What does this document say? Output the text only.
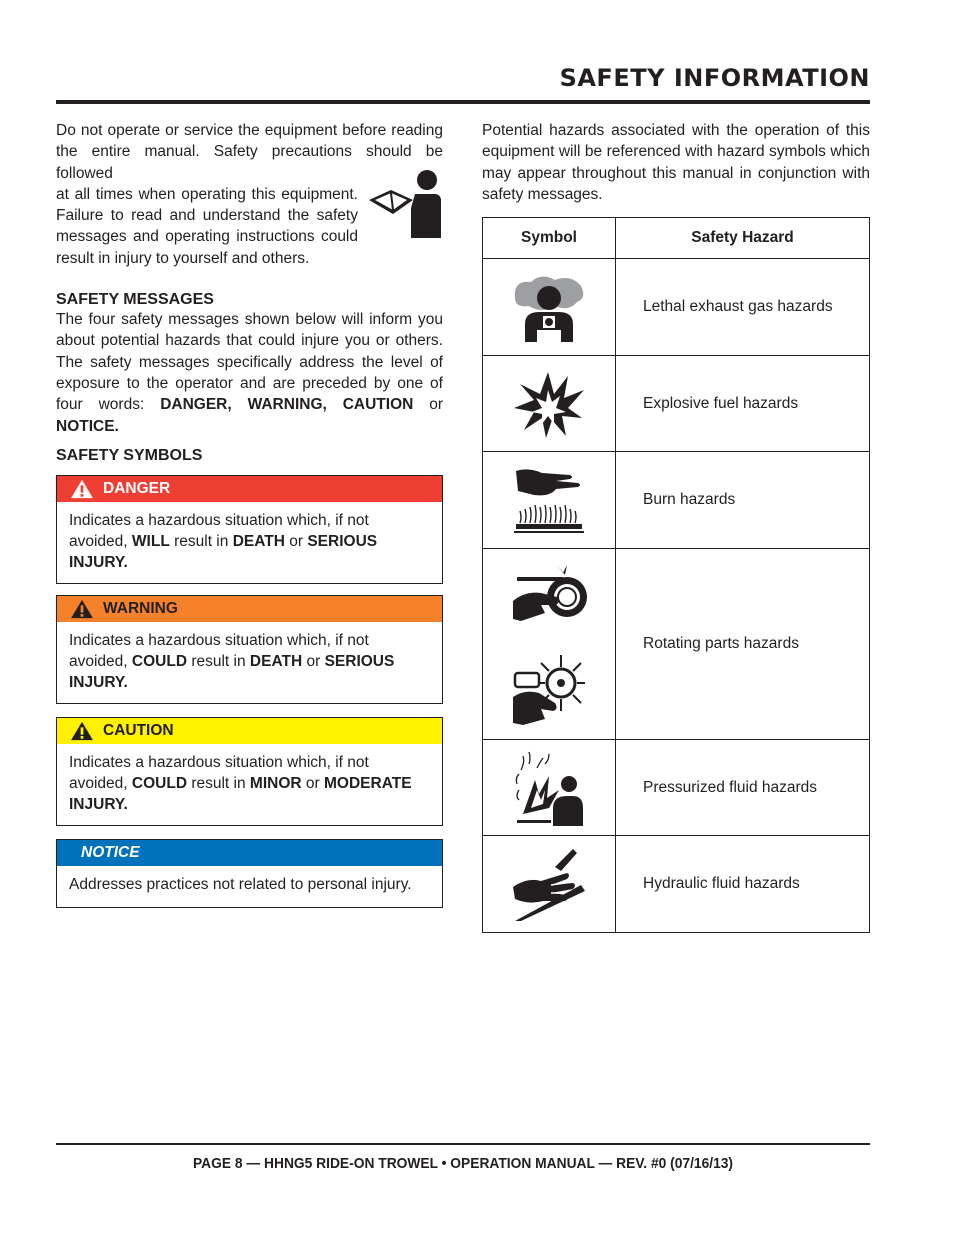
SAFETY INFORMATION

Do not operate or service the equipment before reading the entire manual. Safety precautions should be followed

at all times when operating this equipment. Failure to read and understand the safety messages and operating instructions could result in injury to yourself and others.

SAFETY MESSAGES

The four safety messages shown below will inform you about potential hazards that could injure you or others. The safety messages specifically address the level of exposure to the operator and are preceded by one of four words: DANGER, WARNING, CAUTION or NOTICE.

SAFETY SYMBOLS
DANGER
Indicates a hazardous situation which, if not avoided, WILL result in DEATH or SERIOUS INJURY.
WARNING
Indicates a hazardous situation which, if not avoided, COULD result in DEATH or SERIOUS INJURY.
CAUTION
Indicates a hazardous situation which, if not avoided, COULD result in MINOR or MODERATE INJURY.
NOTICE
Addresses practices not related to personal injury.

Potential hazards associated with the operation of this equipment will be referenced with hazard symbols which may appear throughout this manual in conjunction with safety messages.

Symbol	Safety Hazard

	Lethal exhaust gas hazards

	Explosive fuel hazards

	Burn hazards

	Rotating parts hazards

	Pressurized fluid hazards

	Hydraulic fluid hazards
PAGE 8 — HHNG5 RIDE-ON TROWEL • OPERATION MANUAL — REV. #0 (07/16/13)
